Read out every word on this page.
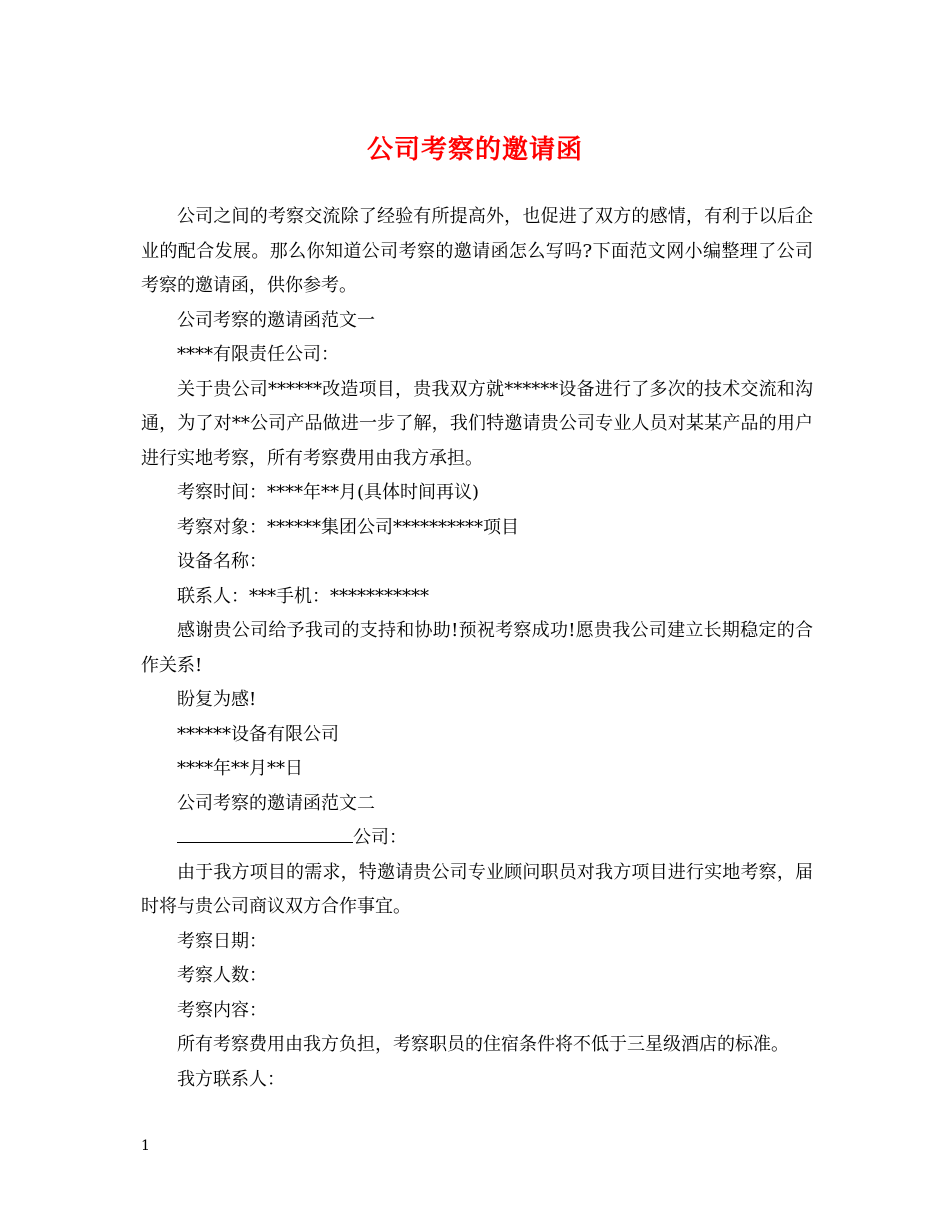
公司考察的邀请函

公司之间的考察交流除了经验有所提高外，也促进了双方的感情，有利于以后企业的配合发展。那么你知道公司考察的邀请函怎么写吗?下面范文网小编整理了公司考察的邀请函，供你参考。

公司考察的邀请函范文一

****有限责任公司：

关于贵公司******改造项目，贵我双方就******设备进行了多次的技术交流和沟通，为了对**公司产品做进一步了解，我们特邀请贵公司专业人员对某某产品的用户进行实地考察，所有考察费用由我方承担。

考察时间：****年**月(具体时间再议)

考察对象：******集团公司**********项目

设备名称：

联系人：***手机：***********

感谢贵公司给予我司的支持和协助!预祝考察成功!愿贵我公司建立长期稳定的合作关系!

盼复为感!

******设备有限公司

****年**月**日

公司考察的邀请函范文二

公司：

由于我方项目的需求，特邀请贵公司专业顾问职员对我方项目进行实地考察，届时将与贵公司商议双方合作事宜。

考察日期：

考察人数：

考察内容：

所有考察费用由我方负担，考察职员的住宿条件将不低于三星级酒店的标准。

我方联系人：

1
